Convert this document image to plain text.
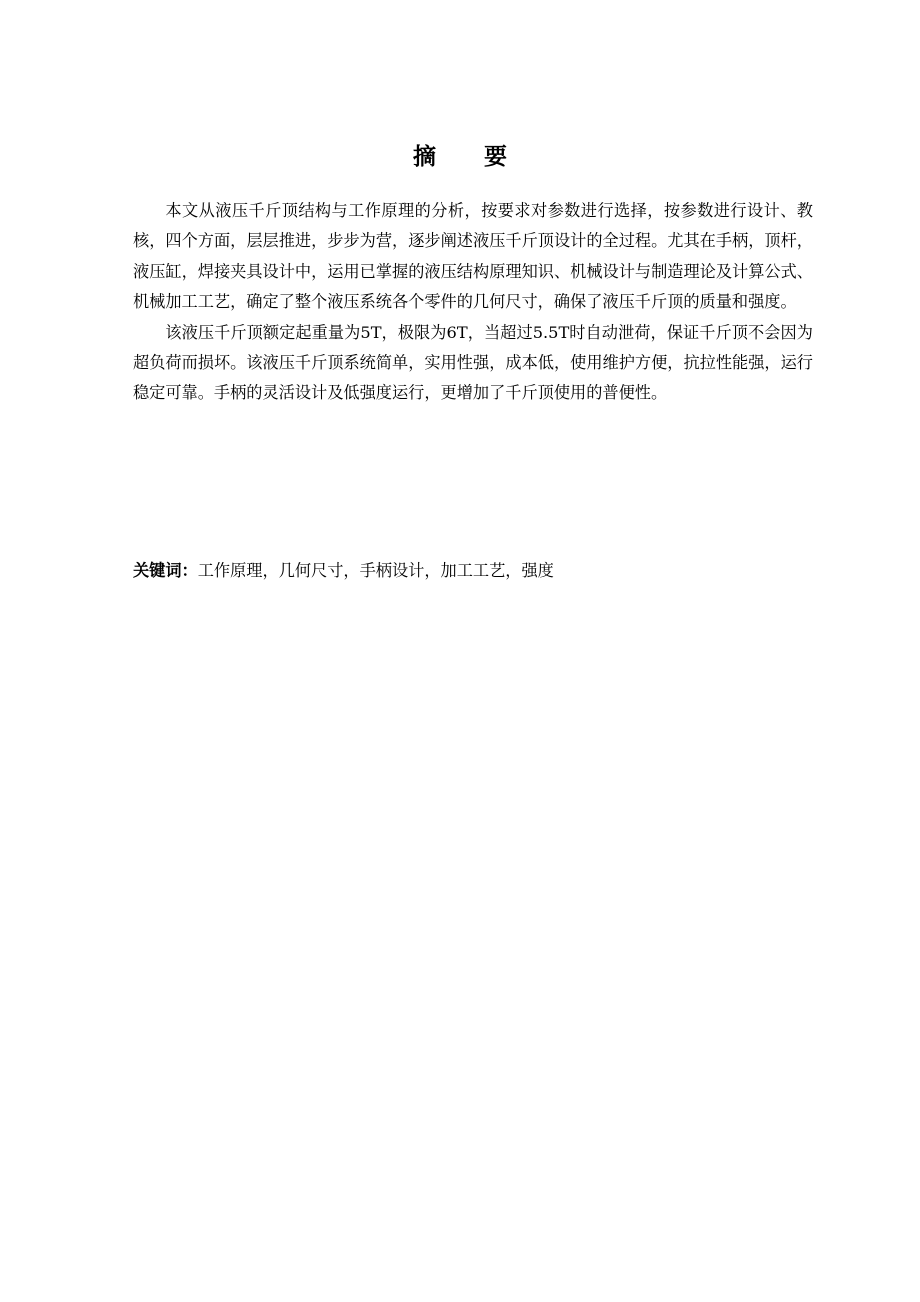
摘 要

本文从液压千斤顶结构与工作原理的分析，按要求对参数进行选择，按参数进行设计、教核，四个方面，层层推进，步步为营，逐步阐述液压千斤顶设计的全过程。尤其在手柄，顶杆，液压缸，焊接夹具设计中，运用已掌握的液压结构原理知识、机械设计与制造理论及计算公式、机械加工工艺，确定了整个液压系统各个零件的几何尺寸，确保了液压千斤顶的质量和强度。

该液压千斤顶额定起重量为5T，极限为6T，当超过5.5T时自动泄荷，保证千斤顶不会因为超负荷而损坏。该液压千斤顶系统简单，实用性强，成本低，使用维护方便，抗拉性能强，运行稳定可靠。手柄的灵活设计及低强度运行，更增加了千斤顶使用的普便性。

关键词：工作原理，几何尺寸，手柄设计，加工工艺，强度
